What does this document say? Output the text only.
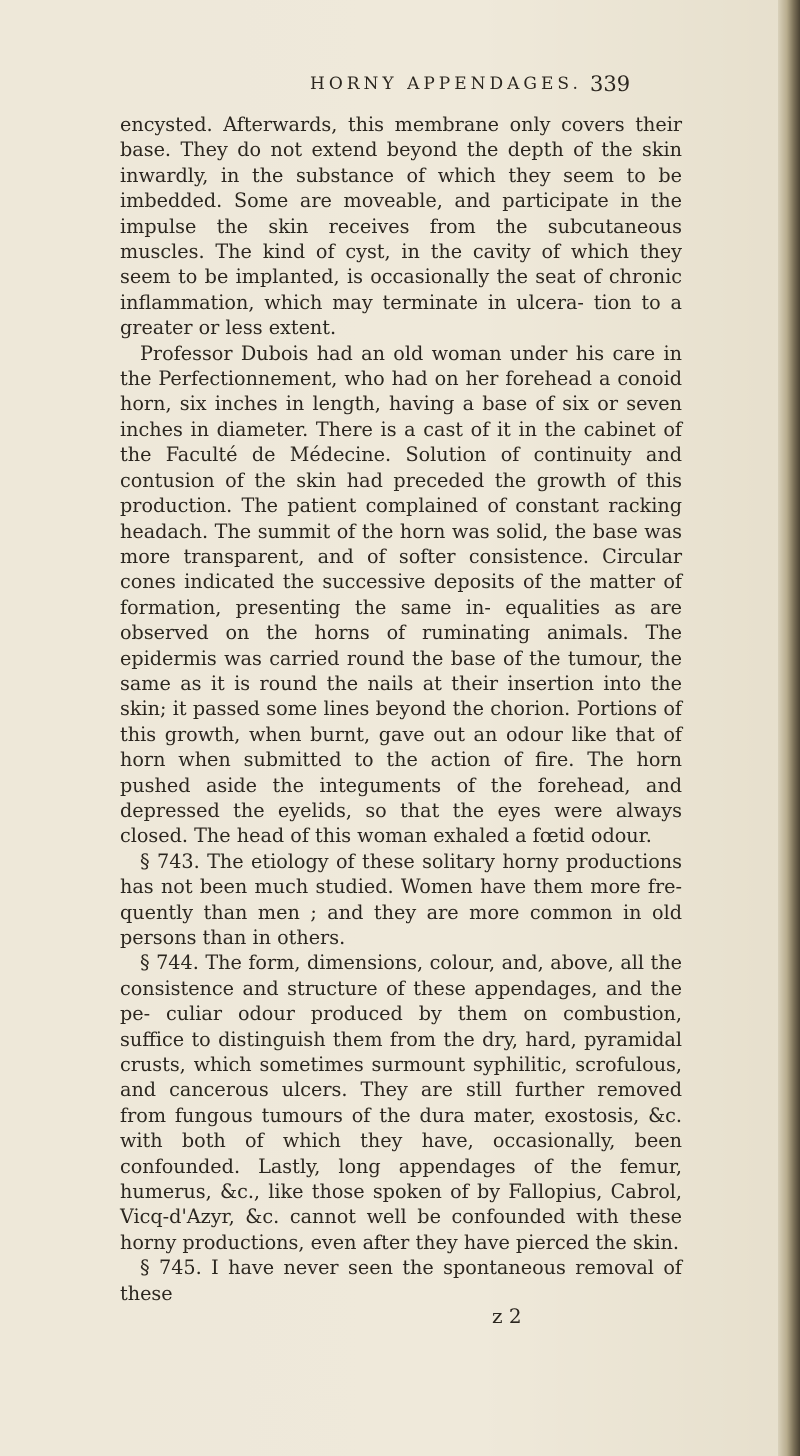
HORNY APPENDAGES. 339

encysted. Afterwards, this membrane only covers their base. They do not extend beyond the depth of the skin inwardly, in the substance of which they seem to be imbedded. Some are moveable, and participate in the impulse the skin receives from the subcutaneous muscles. The kind of cyst, in the cavity of which they seem to be implanted, is occasionally the seat of chronic inflammation, which may terminate in ulcera- tion to a greater or less extent.

Professor Dubois had an old woman under his care in the Perfectionnement, who had on her forehead a conoid horn, six inches in length, having a base of six or seven inches in diameter. There is a cast of it in the cabinet of the Faculté de Médecine. Solution of continuity and contusion of the skin had preceded the growth of this production. The patient complained of constant racking headach. The summit of the horn was solid, the base was more transparent, and of softer consistence. Circular cones indicated the successive deposits of the matter of formation, presenting the same in- equalities as are observed on the horns of ruminating animals. The epidermis was carried round the base of the tumour, the same as it is round the nails at their insertion into the skin; it passed some lines beyond the chorion. Portions of this growth, when burnt, gave out an odour like that of horn when submitted to the action of fire. The horn pushed aside the integuments of the forehead, and depressed the eyelids, so that the eyes were always closed. The head of this woman exhaled a fœtid odour.

§ 743. The etiology of these solitary horny productions has not been much studied. Women have them more fre- quently than men ; and they are more common in old persons than in others.

§ 744. The form, dimensions, colour, and, above, all the consistence and structure of these appendages, and the pe- culiar odour produced by them on combustion, suffice to distinguish them from the dry, hard, pyramidal crusts, which sometimes surmount syphilitic, scrofulous, and cancerous ulcers. They are still further removed from fungous tumours of the dura mater, exostosis, &c. with both of which they have, occasionally, been confounded. Lastly, long appendages of the femur, humerus, &c., like those spoken of by Fallopius, Cabrol, Vicq-d'Azyr, &c. cannot well be confounded with these horny productions, even after they have pierced the skin.

§ 745. I have never seen the spontaneous removal of these

z 2
